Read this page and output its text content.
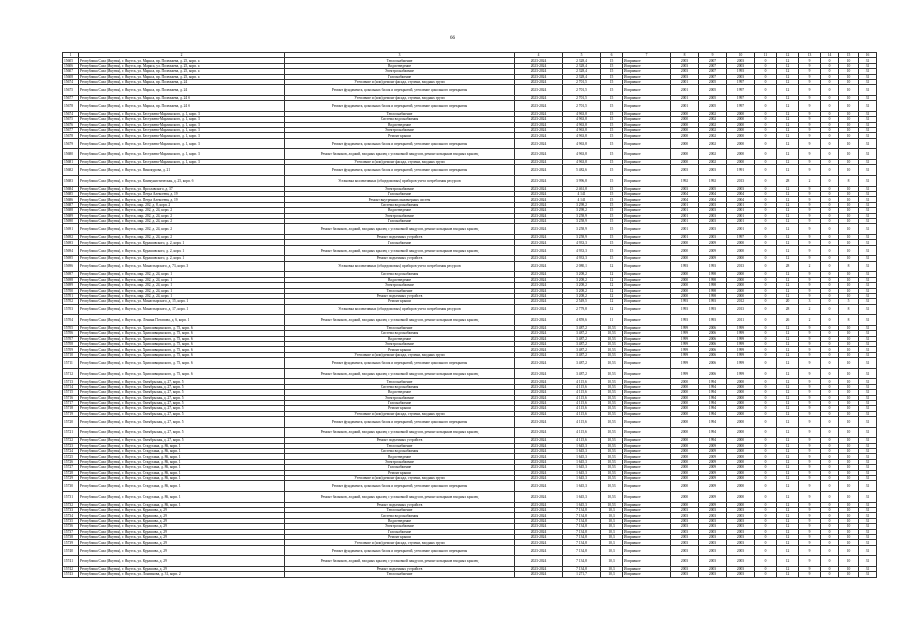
66
1	2	3	4	5	6	7	8	9	10	11	12	13	14	15	16
15605	Республика Саха (Якутия), г. Якутск, ул. Маркса, пр. Полежаева, д. 25, корп. а	Теплоснабжение	2023-2024	2 328,4	15	Исправное	2003	2007	2003	0	12	9	0	10	31
15606	Республика Саха (Якутия), г. Якутск, пр. Маркса, ул. Полежаева, д. 25, корп. а	Водоотведение	2023-2024	2 328,4	15	Исправное	2003	2007	2003	0	12	9	0	10	31
15607	Республика Саха (Якутия), г. Якутск, ул. Маркса, пр. Полежаева, д. 25, корп. а	Электроснабжение	2023-2024	2 328,4	15	Исправное	2003	2007	1993	0	12	9	0	10	31
15608	Республика Саха (Якутия), г. Якутск, ул. Маркса, пр. Полежаева, д. 25, корп. а	Газоснабжение	2023-2024	2 328,4	15	Исправное	2003	2007	2003	0	12	9	0	10	31
15674	Республика Саха (Якутия), г. Якутск, ул. Маркса, пр. Полежаева, д. 24	Утепление и (или) ремонт фасада, ступени, входных групп	2023-2024	2 701,5	15	Исправное	2001	2005	1997	0	12	9	0	10	31
15675	Республика Саха (Якутия), г. Якутск, ул. Маркса, пр. Полежаева, д. 24	Ремонт фундамента, цокольных балок и перекрытий, утепление цокольного перекрытия	2023-2024	2 701,5	15	Исправное	2001	2005	1997	0	12	9	0	10	31
15677	Республика Саха (Якутия), г. Якутск, ул. Маркса, пр. Полежаева, д. 24 б	Утепление и (или) ремонт фасада, ступени, входных групп	2023-2024	2 701,5	15	Исправное	2001	2005	1997	0	12	9	0	10	31
15678	Республика Саха (Якутия), г. Якутск, ул. Маркса, пр. Полежаева, д. 24 б	Ремонт фундамента, цокольных балок и перекрытий, утепление цокольного перекрытия	2023-2024	2 701,5	15	Исправное	2001	2005	1997	0	12	9	0	10	31
15674	Республика Саха (Якутия), г. Якутск, ул. Бестужева-Марлинского, д. 1, корп. 3	Теплоснабжение	2023-2024	4 963,8	15	Исправное	2000	2002	2000	0	12	9	0	10	31
15675	Республика Саха (Якутия), г. Якутск, ул. Бестужева-Марлинского, д. 1, корп. 3	Система водоснабжения	2023-2024	4 963,8	15	Исправное	2000	2002	2000	0	12	9	0	10	31
15676	Республика Саха (Якутия), г. Якутск, ул. Бестужева-Марлинского, д. 1, корп. 3	Водоотведение	2023-2024	4 963,8	15	Исправное	2000	2002	2000	0	12	9	0	10	31
15677	Республика Саха (Якутия), г. Якутск, ул. Бестужева-Марлинского, д. 1, корп. 3	Электроснабжение	2023-2024	4 963,8	15	Исправное	2000	2002	2000	0	12	9	0	10	31
15678	Республика Саха (Якутия), г. Якутск, ул. Бестужева-Марлинского, д. 1, корп. 3	Ремонт крыши	2023-2024	4 963,8	15	Исправное	2000	2002	2000	0	12	9	0	10	31
15679	Республика Саха (Якутия), г. Якутск, ул. Бестужева-Марлинского, д. 1, корп. 3	Ремонт фундамента, цокольных балок и перекрытий, утепление цокольного перекрытия	2023-2024	4 963,8	15	Исправное	2000	2002	2000	0	12	9	0	10	31
15680	Республика Саха (Якутия), г. Якутск, ул. Бестужева-Марлинского, д. 1, корп. 3	Ремонт балконов, лоджий, входных крылец с установкой пандусов, ремонт козырьков входных крылец	2023-2024	4 963,8	15	Исправное	2000	2002	2000	0	12	9	0	10	31
15681	Республика Саха (Якутия), г. Якутск, ул. Бестужева-Марлинского, д. 1, корп. 3	Утепление и (или) ремонт фасада, ступени, входных групп	2023-2024	4 963,8	15	Исправное	2000	2002	2000	0	12	9	0	10	31
15682	Республика Саха (Якутия), г. Якутск, ул. Винокурова, д. 21	Ремонт фундамента, цокольных балок и перекрытий, утепление цокольного перекрытия	2023-2024	5 482,6	15	Исправное	2003	2003	1991	0	12	9	0	10	31
15683	Республика Саха (Якутия), г. Якутск, ул. Коммунистическая, д. 25, корп. б	Установка коллективных (общедомовых) приборов учета потребления ресурсов	2023-2024	3 996,8	15	Исправное	1992	1992	2013	0	28	2	0	8	31
15684	Республика Саха (Якутия), г. Якутск, ул. Ярославского, д. 37	Электроснабжение	2023-2024	2 461,8	15	Исправное	2003	2005	2003	0	12	9	0	10	31
15685	Республика Саха (Якутия), г. Якутск, ул. Петра Алексеева, д. 19	Газоснабжение	2023-2024	4 141	15	Исправное	2004	2004	2004	0	12	9	0	10	31
15686	Республика Саха (Якутия), г. Якутск, ул. Петра Алексеева, д. 19	Ремонт внутренних инженерных систем	2023-2024	4 141	15	Исправное	2004	2004	2004	0	12	9	0	10	31
15687	Республика Саха (Якутия), г. Якутск, мкр. 202, д. 8, корп. 2	Система водоснабжения	2023-2024	3 298,2	15	Исправное	2001	2003	2001	0	12	9	0	10	31
15688	Республика Саха (Якутия), г. Якутск, мкр. 202, д. 24, корп. 2	Водоотведение	2023-2024	3 298,2	15	Исправное	2001	2003	2001	0	12	9	0	10	31
15689	Республика Саха (Якутия), г. Якутск, мкр. 202, д. 24, корп. 2	Электроснабжение	2023-2024	3 258,9	15	Исправное	2001	2003	2001	0	12	9	0	10	31
15690	Республика Саха (Якутия), г. Якутск, мкр. 202, д. 24, корп. 2	Газоснабжение	2023-2024	3 258,9	15	Исправное	2001	2003	2001	0	12	9	0	10	31
15691	Республика Саха (Якутия), г. Якутск, мкр. 202, д. 24, корп. 2	Ремонт балконов, лоджий, входных крылец с установкой пандусов, ремонт козырьков входных крылец	2023-2024	3 258,9	15	Исправное	2001	2003	2001	0	12	9	0	10	31
15692	Республика Саха (Якутия), г. Якутск, мкр. 202, д. 24, корп. 2	Ремонт подъемных устройств	2023-2024	3 258,9	15	Исправное	2001	2003	1997	0	12	9	0	10	31
15693	Республика Саха (Якутия), г. Якутск, ул. Курашовского, д. 2, корп. 1	Газоснабжение	2023-2024	4 933,3	15	Исправное	2000	2009	2000	0	12	9	0	10	31
15694	Республика Саха (Якутия), г. Якутск, ул. Курашовского, д. 2, корп. 1	Ремонт балконов, лоджий, входных крылец с установкой пандусов, ремонт козырьков входных крылец	2023-2024	4 933,3	15	Исправное	2000	2009	2000	0	12	9	0	10	31
15695	Республика Саха (Якутия), г. Якутск, ул. Курашовского, д. 2, корп. 1	Ремонт подъемных устройств	2023-2024	4 933,3	15	Исправное	2000	2009	2000	0	12	9	0	10	31
15696	Республика Саха (Якутия), г. Якутск, ул. Монастырского, д. 73, корп. 3	Установка коллективных (общедомовых) приборов учета потребления ресурсов	2023-2024	2 080,1	12	Исправное	1993	1993	2013	0	28	2	0	8	31
15697	Республика Саха (Якутия), г. Якутск, мкр. 202, д. 24, корп. 1	Система водоснабжения	2023-2024	3 208,2	12	Исправное	2000	1998	2000	0	12	9	0	10	31
15698	Республика Саха (Якутия), г. Якутск, мкр. 202, д. 24, корп. 1	Водоотведение	2023-2024	3 208,2	12	Исправное	2000	1998	2000	0	12	9	0	10	31
15699	Республика Саха (Якутия), г. Якутск, мкр. 202, д. 24, корп. 1	Электроснабжение	2023-2024	3 208,2	12	Исправное	2000	1998	2000	0	12	9	0	10	31
15700	Республика Саха (Якутия), г. Якутск, мкр. 202, д. 24, корп. 1	Теплоснабжение	2023-2024	3 208,2	12	Исправное	2000	1998	2000	0	12	9	0	10	31
15701	Республика Саха (Якутия), г. Якутск, мкр. 202, д. 24, корп. 1	Ремонт подъемных устройств	2023-2024	3 208,2	12	Исправное	2000	1998	2000	0	12	9	0	10	31
15702	Республика Саха (Якутия), г. Якутск, ул. Монастырского, д. 15, корп. 1	Ремонт крыши	2023-2024	2 549,5	12	Исправное	1993	1993	2012	0	20	3	0	5	31
15703	Республика Саха (Якутия), г. Якутск, ул. Монастырского, д. 17, корп. 1	Установка коллективных (общедомовых) приборов учета потребления ресурсов	2023-2024	2 779,8	12	Исправное	1993	1993	2013	0	28	2	0	8	31
15704	Республика Саха (Якутия), г. Якутск, пр. Ленина Потапова, д. 6, корп. 1	Ремонт балконов, лоджий, входных крылец с установкой пандусов, ремонт козырьков входных крылец	2023-2024	4 859,6	11	Исправное	1993	1993	2011	0	26	2	0	8	31
15705	Республика Саха (Якутия), г. Якутск, ул. Хрипливщинского, д. 75, корп. 6	Теплоснабжение	2023-2024	3 487,2	10,53	Исправное	1999	2006	1999	0	12	9	0	10	31
15706	Республика Саха (Якутия), г. Якутск, ул. Хрипливщинского, д. 75, корп. 6	Система водоснабжения	2023-2024	3 487,2	10,53	Исправное	1999	2006	1999	0	12	9	0	10	31
15707	Республика Саха (Якутия), г. Якутск, ул. Хрипливщинского, д. 75, корп. 6	Водоотведение	2023-2024	3 487,2	10,53	Исправное	1999	2006	1999	0	12	9	0	10	31
15708	Республика Саха (Якутия), г. Якутск, ул. Хрипливщинского, д. 75, корп. 6	Электроснабжение	2023-2024	3 487,2	10,53	Исправное	1999	2006	1999	0	12	9	0	10	31
15709	Республика Саха (Якутия), г. Якутск, ул. Хрипливщинского, д. 75, корп. 6	Ремонт крыши	2023-2024	3 487,2	10,53	Исправное	1999	2006	1999	0	12	9	0	10	31
15710	Республика Саха (Якутия), г. Якутск, ул. Хрипливщинского, д. 75, корп. 6	Утепление и (или) ремонт фасада, ступени, входных групп	2023-2024	3 487,2	10,53	Исправное	1999	2006	1999	0	12	9	0	10	31
15711	Республика Саха (Якутия), г. Якутск, ул. Хрипливщинского, д. 75, корп. 6	Ремонт фундамента, цокольных балок и перекрытий, утепление цокольного перекрытия	2023-2024	3 487,2	10,53	Исправное	1999	2006	1999	0	12	9	0	10	31
15712	Республика Саха (Якутия), г. Якутск, ул. Хрипливщинского, д. 75, корп. 6	Ремонт балконов, лоджий, входных крылец с установкой пандусов, ремонт козырьков входных крылец	2023-2024	3 487,2	10,53	Исправное	1999	2006	1999	0	12	9	0	10	31
15713	Республика Саха (Якутия), г. Якутск, ул. Октябрьская, д. 27, корп. 5	Теплоснабжение	2023-2024	4 115,6	10,53	Исправное	2000	1994	2000	0	12	9	0	10	31
15714	Республика Саха (Якутия), г. Якутск, ул. Октябрьская, д. 27, корп. 5	Система водоснабжения	2023-2024	4 115,6	10,53	Исправное	2000	1994	2000	0	12	9	0	10	31
15715	Республика Саха (Якутия), г. Якутск, ул. Октябрьская, д. 27, корп. 5	Водоотведение	2023-2024	4 115,6	10,53	Исправное	2000	1994	2000	0	12	9	0	10	31
15716	Республика Саха (Якутия), г. Якутск, ул. Октябрьская, д. 27, корп. 5	Электроснабжение	2023-2024	4 115,6	10,53	Исправное	2000	1994	2000	0	12	9	0	10	31
15717	Республика Саха (Якутия), г. Якутск, ул. Октябрьская, д. 27, корп. 5	Газоснабжение	2023-2024	4 115,6	10,53	Исправное	2000	1994	2000	0	12	9	0	10	31
15718	Республика Саха (Якутия), г. Якутск, ул. Октябрьская, д. 27, корп. 5	Ремонт крыши	2023-2024	4 115,6	10,53	Исправное	2000	1994	2000	0	12	9	0	10	31
15719	Республика Саха (Якутия), г. Якутск, ул. Октябрьская, д. 27, корп. 5	Утепление и (или) ремонт фасада, ступени, входных групп	2023-2024	4 115,6	10,53	Исправное	2000	1994	2000	0	12	9	0	10	31
15720	Республика Саха (Якутия), г. Якутск, ул. Октябрьская, д. 27, корп. 5	Ремонт фундамента, цокольных балок и перекрытий, утепление цокольного перекрытия	2023-2024	4 115,6	10,53	Исправное	2000	1994	2000	0	12	9	0	10	31
15721	Республика Саха (Якутия), г. Якутск, ул. Октябрьская, д. 27, корп. 5	Ремонт балконов, лоджий, входных крылец с установкой пандусов, ремонт козырьков входных крылец	2023-2024	4 115,6	10,53	Исправное	2000	1994	2000	0	12	9	0	10	31
15722	Республика Саха (Якутия), г. Якутск, ул. Октябрьская, д. 27, корп. 5	Ремонт подъемных устройств	2023-2024	4 115,6	10,53	Исправное	2000	1994	2000	0	12	9	0	10	31
15723	Республика Саха (Якутия), г. Якутск, ул. Стадухина, д. 86, корп. 1	Теплоснабжение	2023-2024	1 645,3	10,53	Исправное	2000	2009	2000	0	12	9	0	10	31
15724	Республика Саха (Якутия), г. Якутск, ул. Стадухина, д. 86, корп. 1	Система водоснабжения	2023-2024	1 645,3	10,53	Исправное	2000	2009	2000	0	12	9	0	10	31
15725	Республика Саха (Якутия), г. Якутск, ул. Стадухина, д. 86, корп. 1	Водоотведение	2023-2024	1 645,3	10,53	Исправное	2000	2009	2000	0	12	9	0	10	31
15726	Республика Саха (Якутия), г. Якутск, ул. Стадухина, д. 86, корп. 1	Электроснабжение	2023-2024	1 645,3	10,53	Исправное	2000	2009	2000	0	12	9	0	10	31
15727	Республика Саха (Якутия), г. Якутск, ул. Стадухина, д. 86, корп. 1	Газоснабжение	2023-2024	1 645,3	10,53	Исправное	2000	2009	2000	0	12	9	0	10	31
15728	Республика Саха (Якутия), г. Якутск, ул. Стадухина, д. 86, корп. 1	Ремонт крыши	2023-2024	1 645,3	10,53	Исправное	2000	2009	2000	0	12	9	0	10	31
15729	Республика Саха (Якутия), г. Якутск, ул. Стадухина, д. 86, корп. 1	Утепление и (или) ремонт фасада, ступени, входных групп	2023-2024	1 645,3	10,53	Исправное	2000	2009	2000	0	12	9	0	10	31
15730	Республика Саха (Якутия), г. Якутск, ул. Стадухина, д. 86, корп. 1	Ремонт фундамента, цокольных балок и перекрытий, утепление цокольного перекрытия	2023-2024	1 645,3	10,53	Исправное	2000	2009	2000	0	12	9	0	10	31
15731	Республика Саха (Якутия), г. Якутск, ул. Стадухина, д. 86, корп. 1	Ремонт балконов, лоджий, входных крылец с установкой пандусов, ремонт козырьков входных крылец	2023-2024	1 645,3	10,53	Исправное	2000	2009	2000	0	12	9	0	10	31
15732	Республика Саха (Якутия), г. Якутск, ул. Стадухина, д. 86, корп. 1	Ремонт подъемных устройств	2023-2024	1 645,3	10,53	Исправное	2000	2009	2000	0	12	9	0	10	31
15733	Республика Саха (Якутия), г. Якутск, ул. Курашова, д. 29	Теплоснабжение	2023-2024	7 134,8	10,3	Исправное	2003	2003	2003	0	12	9	0	10	31
15734	Республика Саха (Якутия), г. Якутск, ул. Курашова, д. 29	Система водоснабжения	2023-2024	7 134,8	10,3	Исправное	2003	2003	2003	0	12	9	0	10	31
15735	Республика Саха (Якутия), г. Якутск, ул. Курашова, д. 29	Водоотведение	2023-2024	7 134,8	10,3	Исправное	2003	2003	2003	0	12	9	0	10	31
15736	Республика Саха (Якутия), г. Якутск, ул. Курашова, д. 29	Электроснабжение	2023-2024	7 134,8	10,3	Исправное	2003	2003	2003	0	12	9	0	10	31
15737	Республика Саха (Якутия), г. Якутск, ул. Курашова, д. 29	Газоснабжение	2023-2024	7 134,8	10,3	Исправное	2003	2003	2003	0	12	9	0	10	31
15738	Республика Саха (Якутия), г. Якутск, ул. Курашова, д. 29	Ремонт крыши	2023-2024	7 134,8	10,3	Исправное	2003	2003	2003	0	12	9	0	10	31
15739	Республика Саха (Якутия), г. Якутск, ул. Курашова, д. 29	Утепление и (или) ремонт фасада, ступени, входных групп	2023-2024	7 134,8	10,3	Исправное	2003	2003	2003	0	12	9	0	10	31
15740	Республика Саха (Якутия), г. Якутск, ул. Курашова, д. 29	Ремонт фундамента, цокольных балок и перекрытий, утепление цокольного перекрытия	2023-2024	7 134,8	10,3	Исправное	2003	2003	2003	0	12	9	0	10	31
15741	Республика Саха (Якутия), г. Якутск, ул. Курашова, д. 29	Ремонт балконов, лоджий, входных крылец с установкой пандусов, ремонт козырьков входных крылец	2023-2024	7 134,8	10,3	Исправное	2003	2003	2003	0	12	9	0	10	31
15742	Республика Саха (Якутия), г. Якутск, ул. Курашова, д. 29	Ремонт подъемных устройств	2023-2024	7 134,8	10,3	Исправное	2003	2003	2003	0	12	9	0	10	31
15743	Республика Саха (Якутия), г. Якутск, ул. Лонгинова, д. 31, корп. 2	Теплоснабжение	2023-2024	1 271,7	10,3	Исправное	2003	2003	2003	0	12	9	0	10	31
